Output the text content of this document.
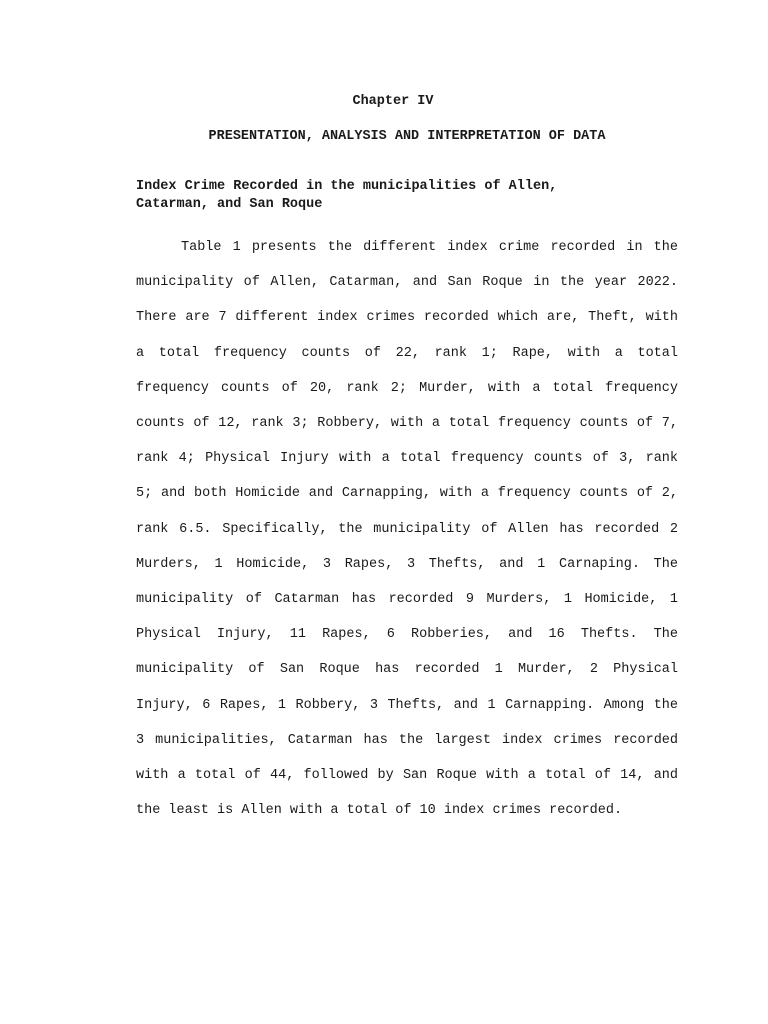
Chapter IV
PRESENTATION, ANALYSIS AND INTERPRETATION OF DATA
Index Crime Recorded in the municipalities of Allen,
Catarman, and San Roque

Table 1 presents the different index crime recorded in the municipality of Allen, Catarman, and San Roque in the year 2022. There are 7 different index crimes recorded which are, Theft, with a total frequency counts of 22, rank 1; Rape, with a total frequency counts of 20, rank 2; Murder, with a total frequency counts of 12, rank 3; Robbery, with a total frequency counts of 7, rank 4; Physical Injury with a total frequency counts of 3, rank 5; and both Homicide and Carnapping, with a frequency counts of 2, rank 6.5. Specifically, the municipality of Allen has recorded 2 Murders, 1 Homicide, 3 Rapes, 3 Thefts, and 1 Carnaping. The municipality of Catarman has recorded 9 Murders, 1 Homicide, 1 Physical Injury, 11 Rapes, 6 Robberies, and 16 Thefts. The municipality of San Roque has recorded 1 Murder, 2 Physical Injury, 6 Rapes, 1 Robbery, 3 Thefts, and 1 Carnapping. Among the 3 municipalities, Catarman has the largest index crimes recorded with a total of 44, followed by San Roque with a total of 14, and the least is Allen with a total of 10 index crimes recorded.
